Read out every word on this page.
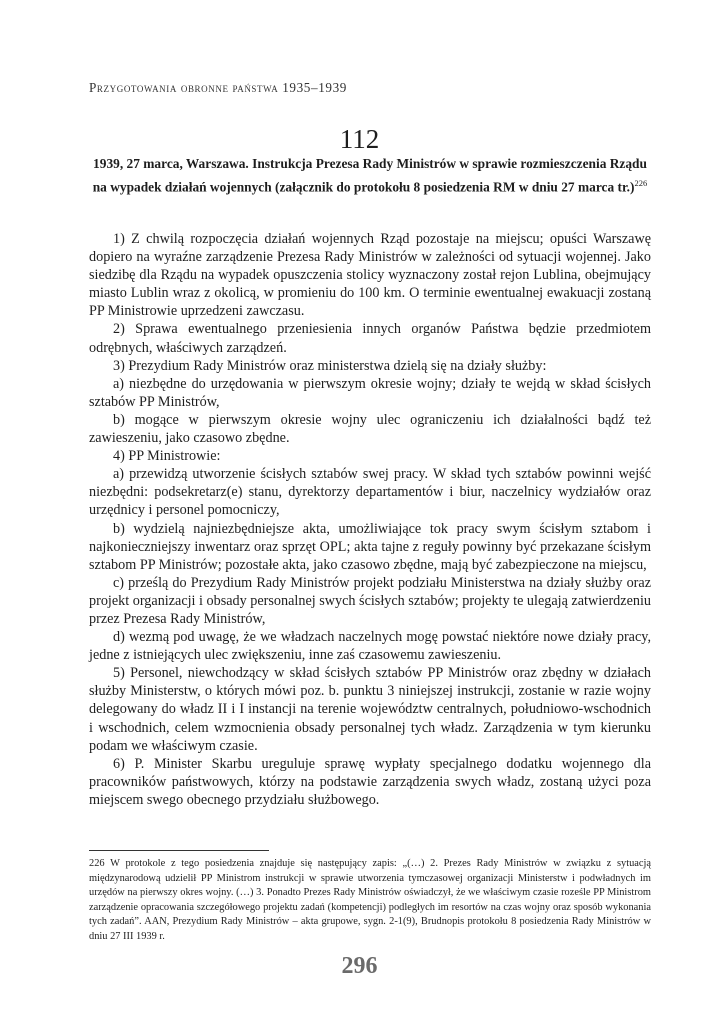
Przygotowania obronne państwa 1935–1939
112
1939, 27 marca, Warszawa. Instrukcja Prezesa Rady Ministrów w sprawie rozmieszczenia Rządu na wypadek działań wojennych (załącznik do protokołu 8 posiedzenia RM w dniu 27 marca tr.)$^{226}$

1) Z chwilą rozpoczęcia działań wojennych Rząd pozostaje na miejscu; opuści Warszawę dopiero na wyraźne zarządzenie Prezesa Rady Ministrów w zależności od sytuacji wojennej. Jako siedzibę dla Rządu na wypadek opuszczenia stolicy wyznaczony został rejon Lublina, obejmujący miasto Lublin wraz z okolicą, w promieniu do 100 km. O terminie ewentualnej ewakuacji zostaną PP Ministrowie uprzedzeni zawczasu.

2) Sprawa ewentualnego przeniesienia innych organów Państwa będzie przedmiotem odrębnych, właściwych zarządzeń.

3) Prezydium Rady Ministrów oraz ministerstwa dzielą się na działy służby:

a) niezbędne do urzędowania w pierwszym okresie wojny; działy te wejdą w skład ścisłych sztabów PP Ministrów,

b) mogące w pierwszym okresie wojny ulec ograniczeniu ich działalności bądź też zawieszeniu, jako czasowo zbędne.

4) PP Ministrowie:

a) przewidzą utworzenie ścisłych sztabów swej pracy. W skład tych sztabów powinni wejść niezbędni: podsekretarz(e) stanu, dyrektorzy departamentów i biur, naczelnicy wydziałów oraz urzędnicy i personel pomocniczy,

b) wydzielą najniezbędniejsze akta, umożliwiające tok pracy swym ścisłym sztabom i najkonieczniejszy inwentarz oraz sprzęt OPL; akta tajne z reguły powinny być przekazane ścisłym sztabom PP Ministrów; pozostałe akta, jako czasowo zbędne, mają być zabezpieczone na miejscu,

c) prześlą do Prezydium Rady Ministrów projekt podziału Ministerstwa na działy służby oraz projekt organizacji i obsady personalnej swych ścisłych sztabów; projekty te ulegają zatwierdzeniu przez Prezesa Rady Ministrów,

d) wezmą pod uwagę, że we władzach naczelnych mogę powstać niektóre nowe działy pracy, jedne z istniejących ulec zwiększeniu, inne zaś czasowemu zawieszeniu.

5) Personel, niewchodzący w skład ścisłych sztabów PP Ministrów oraz zbędny w działach służby Ministerstw, o których mówi poz. b. punktu 3 niniejszej instrukcji, zostanie w razie wojny delegowany do władz II i I instancji na terenie województw centralnych, południowo-wschodnich i wschodnich, celem wzmocnienia obsady personalnej tych władz. Zarządzenia w tym kierunku podam we właściwym czasie.

6) P. Minister Skarbu ureguluje sprawę wypłaty specjalnego dodatku wojennego dla pracowników państwowych, którzy na podstawie zarządzenia swych władz, zostaną użyci poza miejscem swego obecnego przydziału służbowego.

226 W protokole z tego posiedzenia znajduje się następujący zapis: „(…) 2. Prezes Rady Ministrów w związku z sytuacją międzynarodową udzielił PP Ministrom instrukcji w sprawie utworzenia tymczasowej organizacji Ministerstw i podwładnych im urzędów na pierwszy okres wojny. (…) 3. Ponadto Prezes Rady Ministrów oświadczył, że we właściwym czasie roześle PP Ministrom zarządzenie opracowania szczegółowego projektu zadań (kompetencji) podległych im resortów na czas wojny oraz sposób wykonania tych zadań”. AAN, Prezydium Rady Ministrów – akta grupowe, sygn. 2-1(9), Brudnopis protokołu 8 posiedzenia Rady Ministrów w dniu 27 III 1939 r.
296
